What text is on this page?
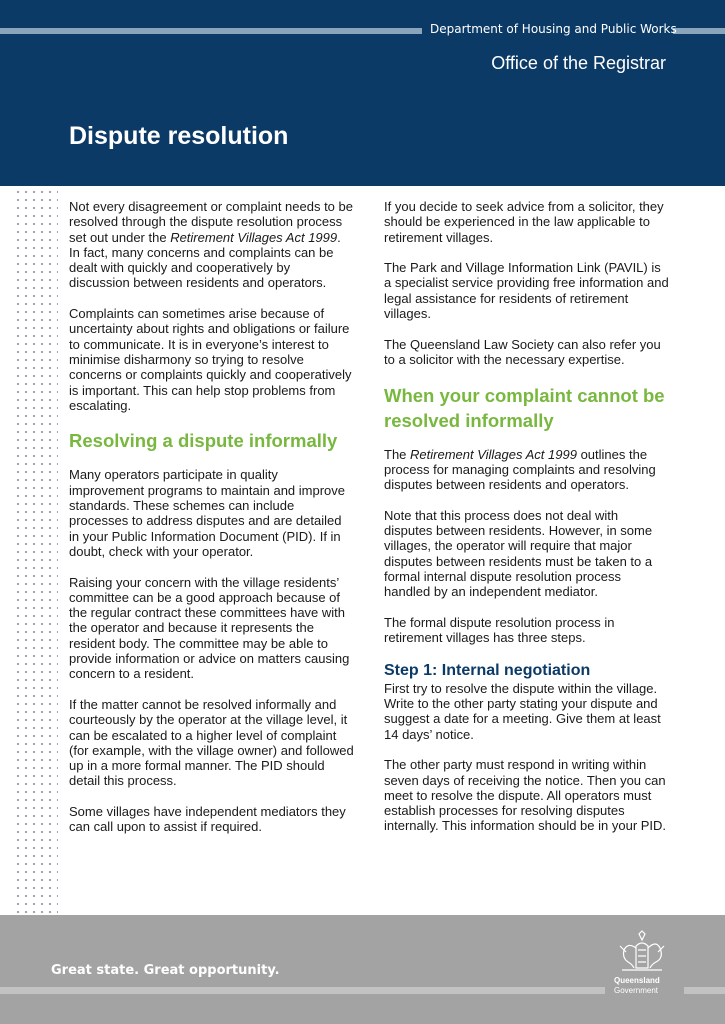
Department of Housing and Public Works
Office of the Registrar
Dispute resolution

Not every disagreement or complaint needs to be resolved through the dispute resolution process set out under the Retirement Villages Act 1999. In fact, many concerns and complaints can be dealt with quickly and cooperatively by discussion between residents and operators.

Complaints can sometimes arise because of uncertainty about rights and obligations or failure to communicate. It is in everyone’s interest to minimise disharmony so trying to resolve concerns or complaints quickly and cooperatively is important. This can help stop problems from escalating.

Resolving a dispute informally

Many operators participate in quality improvement programs to maintain and improve standards. These schemes can include processes to address disputes and are detailed in your Public Information Document (PID). If in doubt, check with your operator.

Raising your concern with the village residents’ committee can be a good approach because of the regular contract these committees have with the operator and because it represents the resident body. The committee may be able to provide information or advice on matters causing concern to a resident.

If the matter cannot be resolved informally and courteously by the operator at the village level, it can be escalated to a higher level of complaint (for example, with the village owner) and followed up in a more formal manner. The PID should detail this process.

Some villages have independent mediators they can call upon to assist if required.

If you decide to seek advice from a solicitor, they should be experienced in the law applicable to retirement villages.

The Park and Village Information Link (PAVIL) is a specialist service providing free information and legal assistance for residents of retirement villages.

The Queensland Law Society can also refer you to a solicitor with the necessary expertise.

When your complaint cannot be resolved informally

The Retirement Villages Act 1999 outlines the process for managing complaints and resolving disputes between residents and operators.

Note that this process does not deal with disputes between residents. However, in some villages, the operator will require that major disputes between residents must be taken to a formal internal dispute resolution process handled by an independent mediator.

The formal dispute resolution process in retirement villages has three steps.

Step 1: Internal negotiation

First try to resolve the dispute within the village. Write to the other party stating your dispute and suggest a date for a meeting. Give them at least 14 days’ notice.

The other party must respond in writing within seven days of receiving the notice. Then you can meet to resolve the dispute. All operators must establish processes for resolving disputes internally. This information should be in your PID.

Great state. Great opportunity.
Queensland
Government
